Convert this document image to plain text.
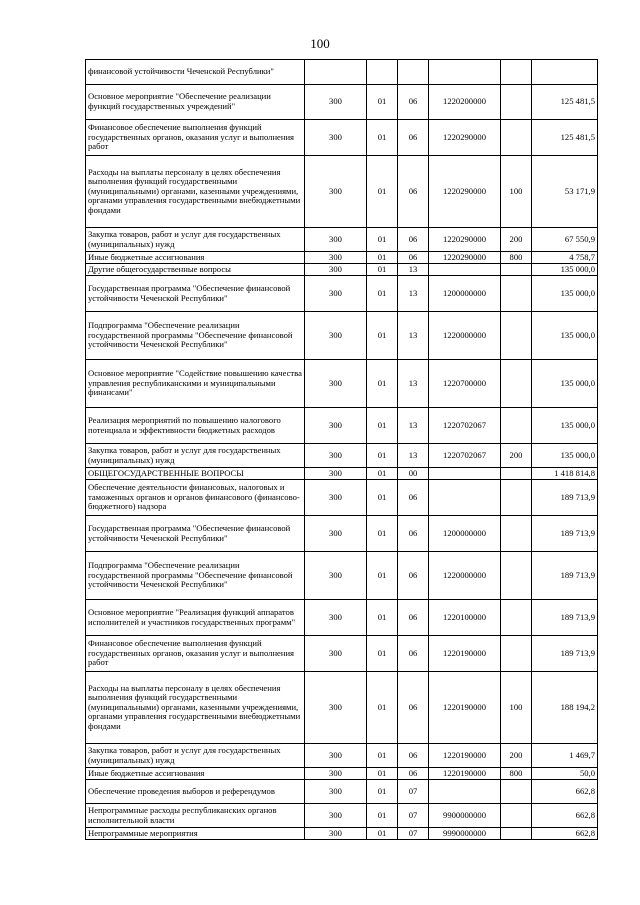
100
финансовой устойчивости Чеченской Республики"						
Основное мероприятие "Обеспечение реализации функций государственных учреждений"	300	01	06	1220200000		125 481,5
Финансовое обеспечение выполнения функций государственных органов, оказания услуг и выполнения работ	300	01	06	1220290000		125 481,5
Расходы на выплаты персоналу в целях обеспечения выполнения функций государственными (муниципальными) органами, казенными учреждениями, органами управления государственными внебюджетными фондами	300	01	06	1220290000	100	53 171,9
Закупка товаров, работ и услуг для государственных (муниципальных) нужд	300	01	06	1220290000	200	67 550,9
Иные бюджетные ассигнования	300	01	06	1220290000	800	4 758,7
Другие общегосударственные вопросы	300	01	13			135 000,0
Государственная программа "Обеспечение финансовой устойчивости Чеченской Республики"	300	01	13	1200000000		135 000,0
Подпрограмма "Обеспечение реализации государственной программы "Обеспечение финансовой устойчивости Чеченской Республики"	300	01	13	1220000000		135 000,0
Основное мероприятие "Содействие повышению качества управления республиканскими и муниципальными финансами"	300	01	13	1220700000		135 000,0
Реализация мероприятий по повышению налогового потенциала и эффективности бюджетных расходов	300	01	13	1220702067		135 000,0
Закупка товаров, работ и услуг для государственных (муниципальных) нужд	300	01	13	1220702067	200	135 000,0
ОБЩЕГОСУДАРСТВЕННЫЕ ВОПРОСЫ	300	01	00			1 418 814,8
Обеспечение деятельности финансовых, налоговых и таможенных органов и органов финансового (финансово-бюджетного) надзора	300	01	06			189 713,9
Государственная программа "Обеспечение финансовой устойчивости Чеченской Республики"	300	01	06	1200000000		189 713,9
Подпрограмма "Обеспечение реализации государственной программы "Обеспечение финансовой устойчивости Чеченской Республики"	300	01	06	1220000000		189 713,9
Основное мероприятие "Реализация функций аппаратов исполнителей и участников государственных программ"	300	01	06	1220100000		189 713,9
Финансовое обеспечение выполнения функций государственных органов, оказания услуг и выполнения работ	300	01	06	1220190000		189 713,9
Расходы на выплаты персоналу в целях обеспечения выполнения функций государственными (муниципальными) органами, казенными учреждениями, органами управления государственными внебюджетными фондами	300	01	06	1220190000	100	188 194,2
Закупка товаров, работ и услуг для государственных (муниципальных) нужд	300	01	06	1220190000	200	1 469,7
Иные бюджетные ассигнования	300	01	06	1220190000	800	50,0
Обеспечение проведения выборов и референдумов	300	01	07			662,8
Непрограммные расходы республиканских органов исполнительной власти	300	01	07	9900000000		662,8
Непрограммные мероприятия	300	01	07	9990000000		662,8
